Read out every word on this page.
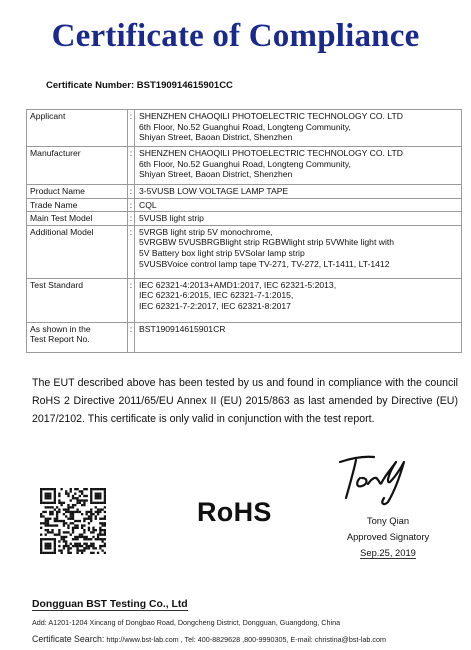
Certificate of Compliance
Certificate Number: BST190914615901CC
Applicant	:	SHENZHEN CHAOQILI PHOTOELECTRIC TECHNOLOGY CO. LTD
6th Floor, No.52 Guanghui Road, Longteng Community,
Shiyan Street, Baoan District, Shenzhen

Manufacturer	:	SHENZHEN CHAOQILI PHOTOELECTRIC TECHNOLOGY CO. LTD
6th Floor, No.52 Guanghui Road, Longteng Community,
Shiyan Street, Baoan District, Shenzhen

Product Name	:	3-5VUSB LOW VOLTAGE LAMP TAPE
Trade Name	:	CQL
Main Test Model	:	5VUSB light strip
Additional Model	:	5VRGB light strip 5V monochrome,
5VRGBW 5VUSBRGBlight strip RGBWlight strip 5VWhite light with
5V Battery box light strip 5VSolar lamp strip
5VUSBVoice control lamp tape TV-271, TV-272, LT-1411, LT-1412

Test Standard	:	IEC 62321-4:2013+AMD1:2017, IEC 62321-5:2013,
IEC 62321-6:2015, IEC 62321-7-1:2015,
IEC 62321-7-2:2017, IEC 62321-8:2017

As shown in the
Test Report No.	:	BST190914615901CR
The EUT described above has been tested by us and found in compliance with the council RoHS 2 Directive 2011/65/EU Annex II (EU) 2015/863 as last amended by Directive (EU) 2017/2102. This certificate is only valid in conjunction with the test report.
RoHS	Tony Qian
Approved Signatory
Sep.25, 2019
Dongguan BST Testing Co., Ltd
Add: A1201-1204 Xincang of Dongbao Road, Dongcheng District, Dongguan, Guangdong, China
Certificate Search: http://www.bst-lab.com , Tel: 400-8829628 ,800-9990305, E-mail: christina@bst-lab.com
